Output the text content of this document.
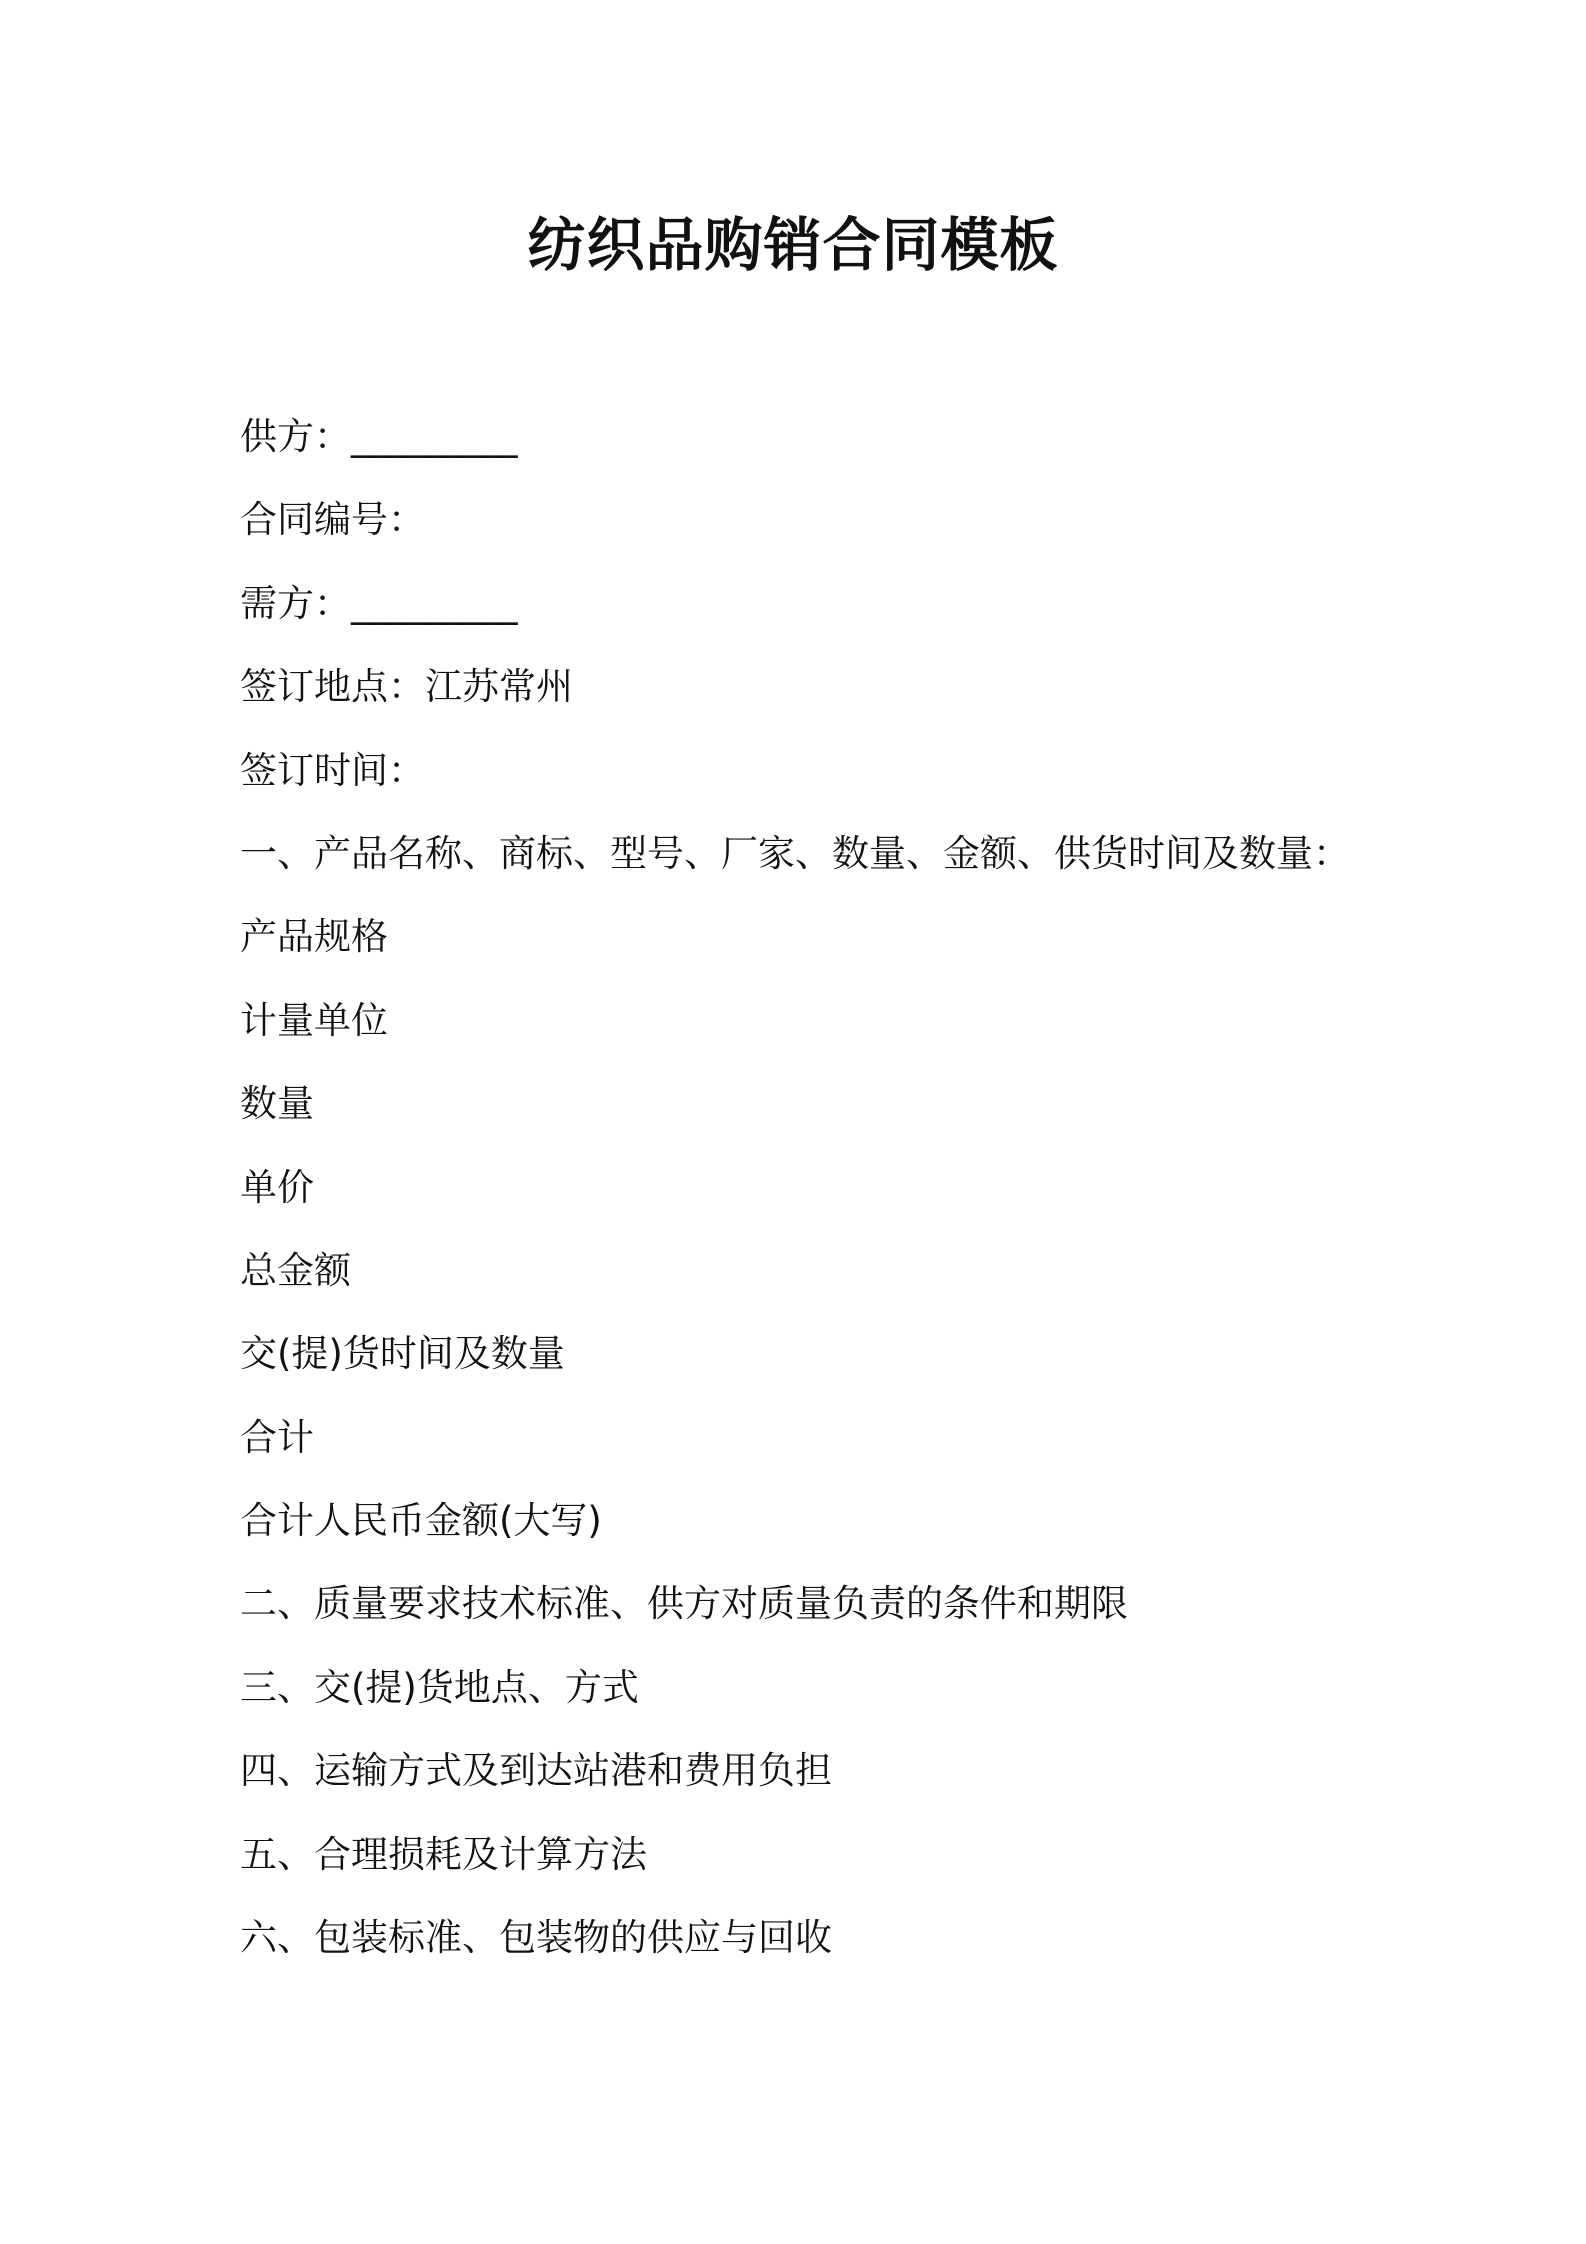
纺织品购销合同模板
供方：_________
合同编号：
需方：_________
签订地点：江苏常州
签订时间：
一、产品名称、商标、型号、厂家、数量、金额、供货时间及数量：
产品规格
计量单位
数量
单价
总金额
交(提)货时间及数量
合计
合计人民币金额(大写)
二、质量要求技术标准、供方对质量负责的条件和期限
三、交(提)货地点、方式
四、运输方式及到达站港和费用负担
五、合理损耗及计算方法
六、包装标准、包装物的供应与回收
